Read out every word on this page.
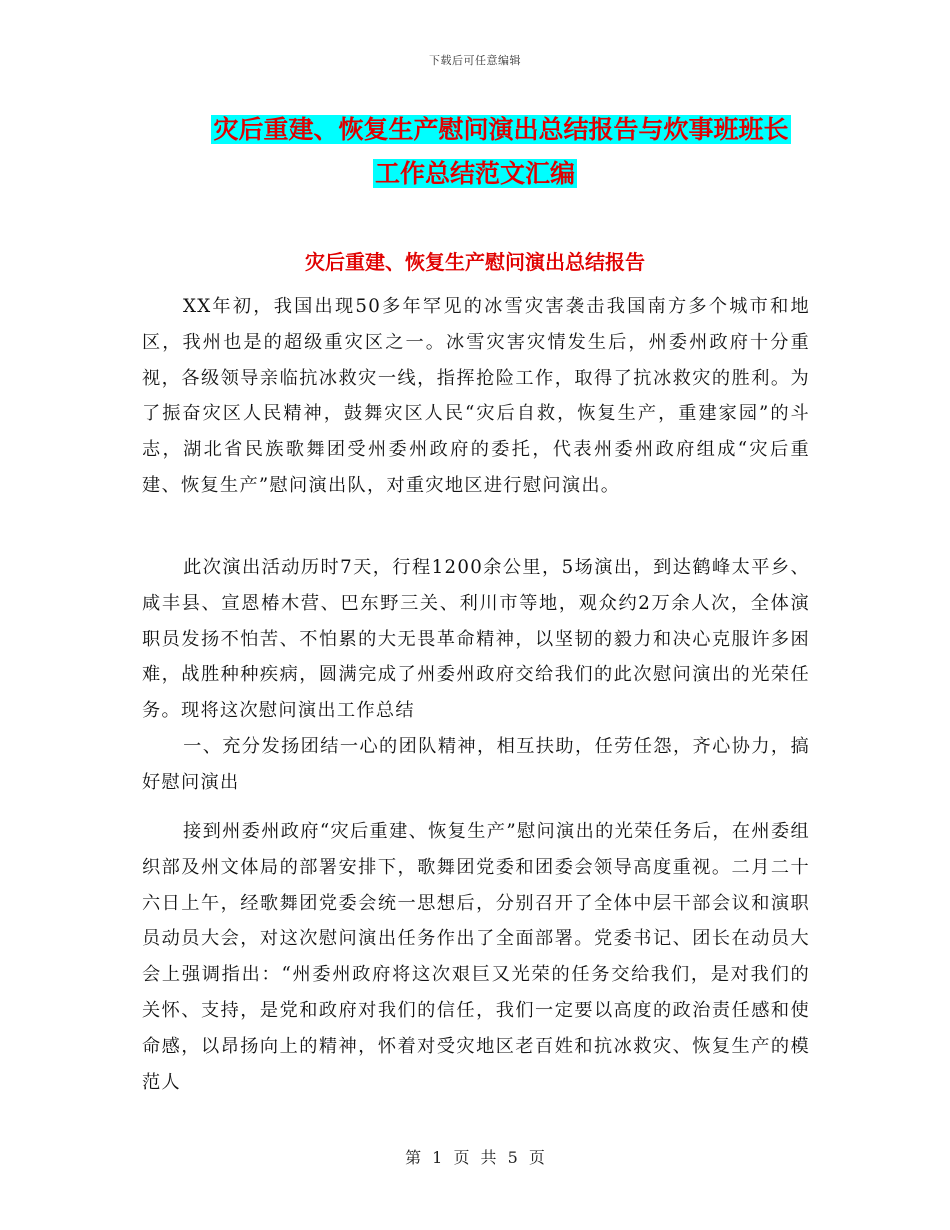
下载后可任意编辑
灾后重建、恢复生产慰问演出总结报告与炊事班班长
工作总结范文汇编
灾后重建、恢复生产慰问演出总结报告

XX年初，我国出现50多年罕见的冰雪灾害袭击我国南方多个城市和地区，我州也是的超级重灾区之一。冰雪灾害灾情发生后，州委州政府十分重视，各级领导亲临抗冰救灾一线，指挥抢险工作，取得了抗冰救灾的胜利。为了振奋灾区人民精神，鼓舞灾区人民“灾后自救，恢复生产，重建家园”的斗志，湖北省民族歌舞团受州委州政府的委托，代表州委州政府组成“灾后重建、恢复生产”慰问演出队，对重灾地区进行慰问演出。

此次演出活动历时7天，行程1200余公里，5场演出，到达鹤峰太平乡、咸丰县、宣恩椿木营、巴东野三关、利川市等地，观众约2万余人次，全体演职员发扬不怕苦、不怕累的大无畏革命精神，以坚韧的毅力和决心克服许多困难，战胜种种疾病，圆满完成了州委州政府交给我们的此次慰问演出的光荣任务。现将这次慰问演出工作总结

一、充分发扬团结一心的团队精神，相互扶助，任劳任怨，齐心协力，搞好慰问演出

接到州委州政府“灾后重建、恢复生产”慰问演出的光荣任务后，在州委组织部及州文体局的部署安排下，歌舞团党委和团委会领导高度重视。二月二十六日上午，经歌舞团党委会统一思想后，分别召开了全体中层干部会议和演职员动员大会，对这次慰问演出任务作出了全面部署。党委书记、团长在动员大会上强调指出：“州委州政府将这次艰巨又光荣的任务交给我们，是对我们的关怀、支持，是党和政府对我们的信任，我们一定要以高度的政治责任感和使命感，以昂扬向上的精神，怀着对受灾地区老百姓和抗冰救灾、恢复生产的模范人

第 1 页 共 5 页
